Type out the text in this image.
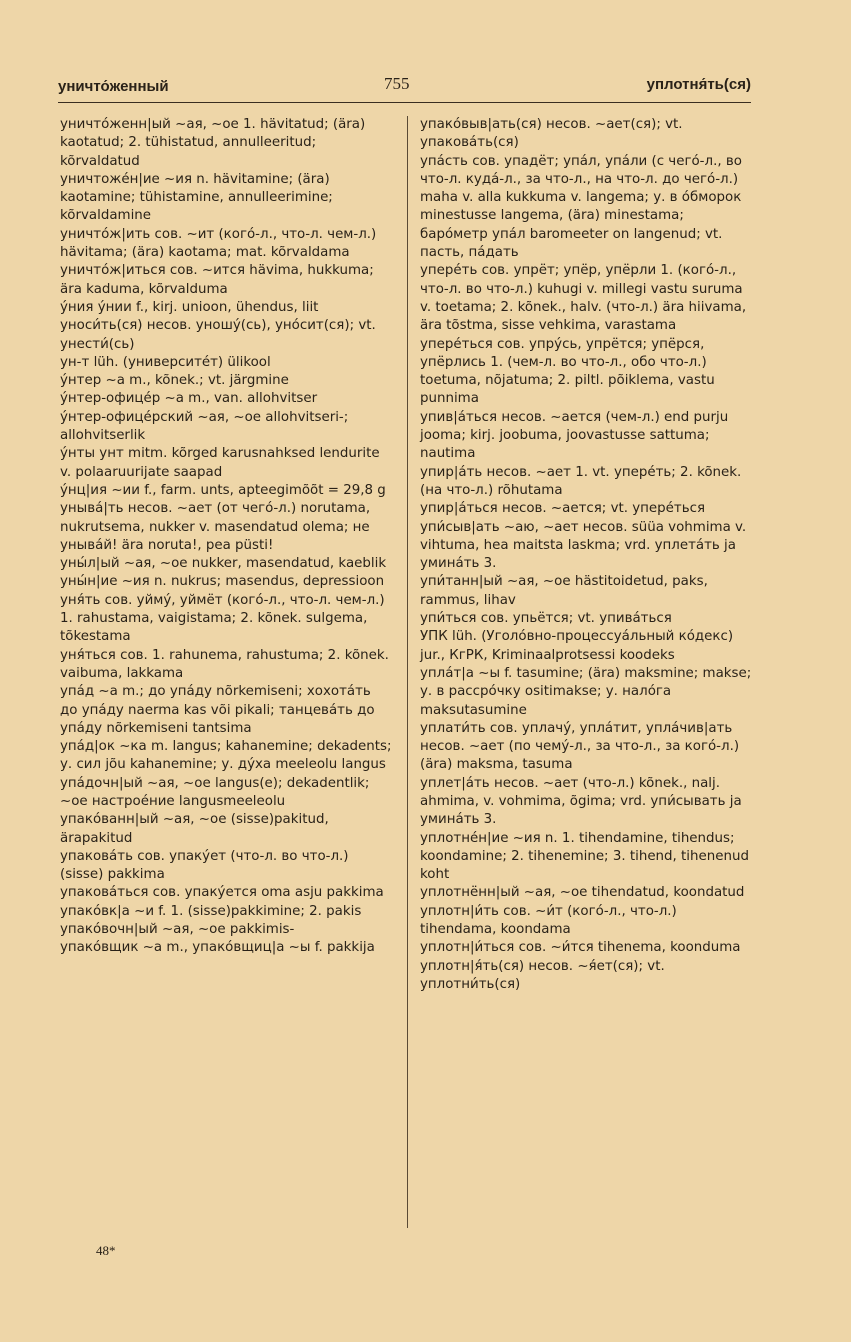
уничто́женный	755	уплотня́ть(ся)
уничто́женн|ый ~ая, ~ое 1. hävitatud; (ära) kaotatud; 2. tühistatud, annulleeritud; kõrvaldatud
уничтоже́н|ие ~ия n. hävitamine; (ära) kaotamine; tühistamine, annulleerimine; kõrvaldamine
уничто́ж|ить сов. ~ит (кого́-л., что-л. чем-л.) hävitama; (ära) kaotama; mat. kõrvaldama
уничто́ж|иться сов. ~ится hävima, hukkuma; ära kaduma, kõrvalduma
у́ния у́нии f., kirj. unioon, ühendus, liit
уноси́ть(ся) несов. уношу́(сь), уно́сит(ся); vt. унести́(сь)
ун-т lüh. (университе́т) ülikool
у́нтер ~а m., kõnek.; vt. järgmine
у́нтер-офице́р ~а m., van. allohvitser
у́нтер-офице́рский ~ая, ~ое allohvitseri-; allohvitserlik
у́нты унт mitm. kõrged karusnahksed lendurite v. polaaruurijate saapad
у́нц|ия ~ии f., farm. unts, apteegimõõt = 29,8 g
унывá|ть несов. ~ает (от чего́-л.) norutama, nukrutsema, nukker v. masendatud olema; не уныва́й! ära noruta!, pea püsti!
уны́л|ый ~ая, ~ое nukker, masendatud, kaeblik
уны́н|ие ~ия n. nukrus; masendus, depressioon
уня́ть сов. уйму́, уймёт (кого́-л., что-л. чем-л.) 1. rahustama, vaigistama; 2. kõnek. sulgema, tõkestama
уня́ться сов. 1. rahunema, rahustuma; 2. kõnek. vaibuma, lakkama
упа́д ~а m.; до упа́ду nõrkemiseni; хохота́ть до упа́ду naerma kas või pikali; танцева́ть до упа́ду nõrkemiseni tantsima
упа́д|ок ~ка m. langus; kahanemine; dekadents; у. сил jõu kahanemine; у. ду́ха meeleolu langus
упа́дочн|ый ~ая, ~ое langus(e); dekadentlik; ~ое настрое́ние langusmeeleolu
упако́ванн|ый ~ая, ~ое (sisse)pakitud, ärapakitud
упакова́ть сов. упаку́ет (что-л. во что-л.) (sisse) pakkima
упакова́ться сов. упаку́ется oma asju pakkima
упако́вк|а ~и f. 1. (sisse)pakkimine; 2. pakis
упако́вочн|ый ~ая, ~ое pakkimis-
упако́вщик ~а m., упако́вщиц|а ~ы f. pakkija
упако́выв|ать(ся) несов. ~ает(ся); vt. упакова́ть(ся)
упа́сть сов. упадёт; упа́л, упа́ли (с чего́-л., во что-л. куда́-л., за что-л., на что-л. до чего́-л.) maha v. alla kukkuma v. langema; у. в о́бморок minestusse langema, (ära) minestama; баро́метр упа́л baromeeter on langenud; vt. пасть, па́дать
упере́ть сов. упрёт; упёр, упёрли 1. (кого́-л., что-л. во что-л.) kuhugi v. millegi vastu suruma v. toetama; 2. kõnek., halv. (что-л.) ära hiivama, ära tõstma, sisse vehkima, varastama
упере́ться сов. упру́сь, упрётся; упёрся, упёрлись 1. (чем-л. во что-л., обо что-л.) toetuma, nõjatuma; 2. piltl. põiklema, vastu punnima
упив|а́ться несов. ~ается (чем-л.) end purju jooma; kirj. joobuma, joovastusse sattuma; nautima
упир|а́ть несов. ~ает 1. vt. упере́ть; 2. kõnek. (на что-л.) rõhutama
упир|а́ться несов. ~ается; vt. упере́ться
упи́сыв|ать ~аю, ~ает несов. süüa vohmima v. vihtuma, hea maitsta laskma; vrd. уплета́ть ja умина́ть 3.
упи́танн|ый ~ая, ~ое hästitoidetud, paks, rammus, lihav
упи́ться сов. упьётся; vt. упива́ться
УПК lüh. (Уголо́вно-процессуа́льный ко́декс) jur., КгРК, Kriminaalprotsessi koodeks
упла́т|а ~ы f. tasumine; (ära) maksmine; makse; у. в рассро́чку ositimakse; у. нало́га maksutasumine
уплати́ть сов. уплачу́, упла́тит, упла́чив|ать несов. ~ает (по чему́-л., за что-л., за кого́-л.) (ära) maksma, tasuma
уплет|а́ть несов. ~ает (что-л.) kõnek., nalj. ahmima, v. vohmima, õgima; vrd. упи́сывать ja умина́ть 3.
уплотне́н|ие ~ия n. 1. tihendamine, tihendus; koondamine; 2. tihenemine; 3. tihend, tihenenud koht
уплотнённ|ый ~ая, ~ое tihendatud, koondatud
уплотн|и́ть сов. ~и́т (кого́-л., что-л.) tihendama, koondama
уплотн|и́ться сов. ~и́тся tihenema, koonduma
уплотн|я́ть(ся) несов. ~я́ет(ся); vt. уплотни́ть(ся)
48*
